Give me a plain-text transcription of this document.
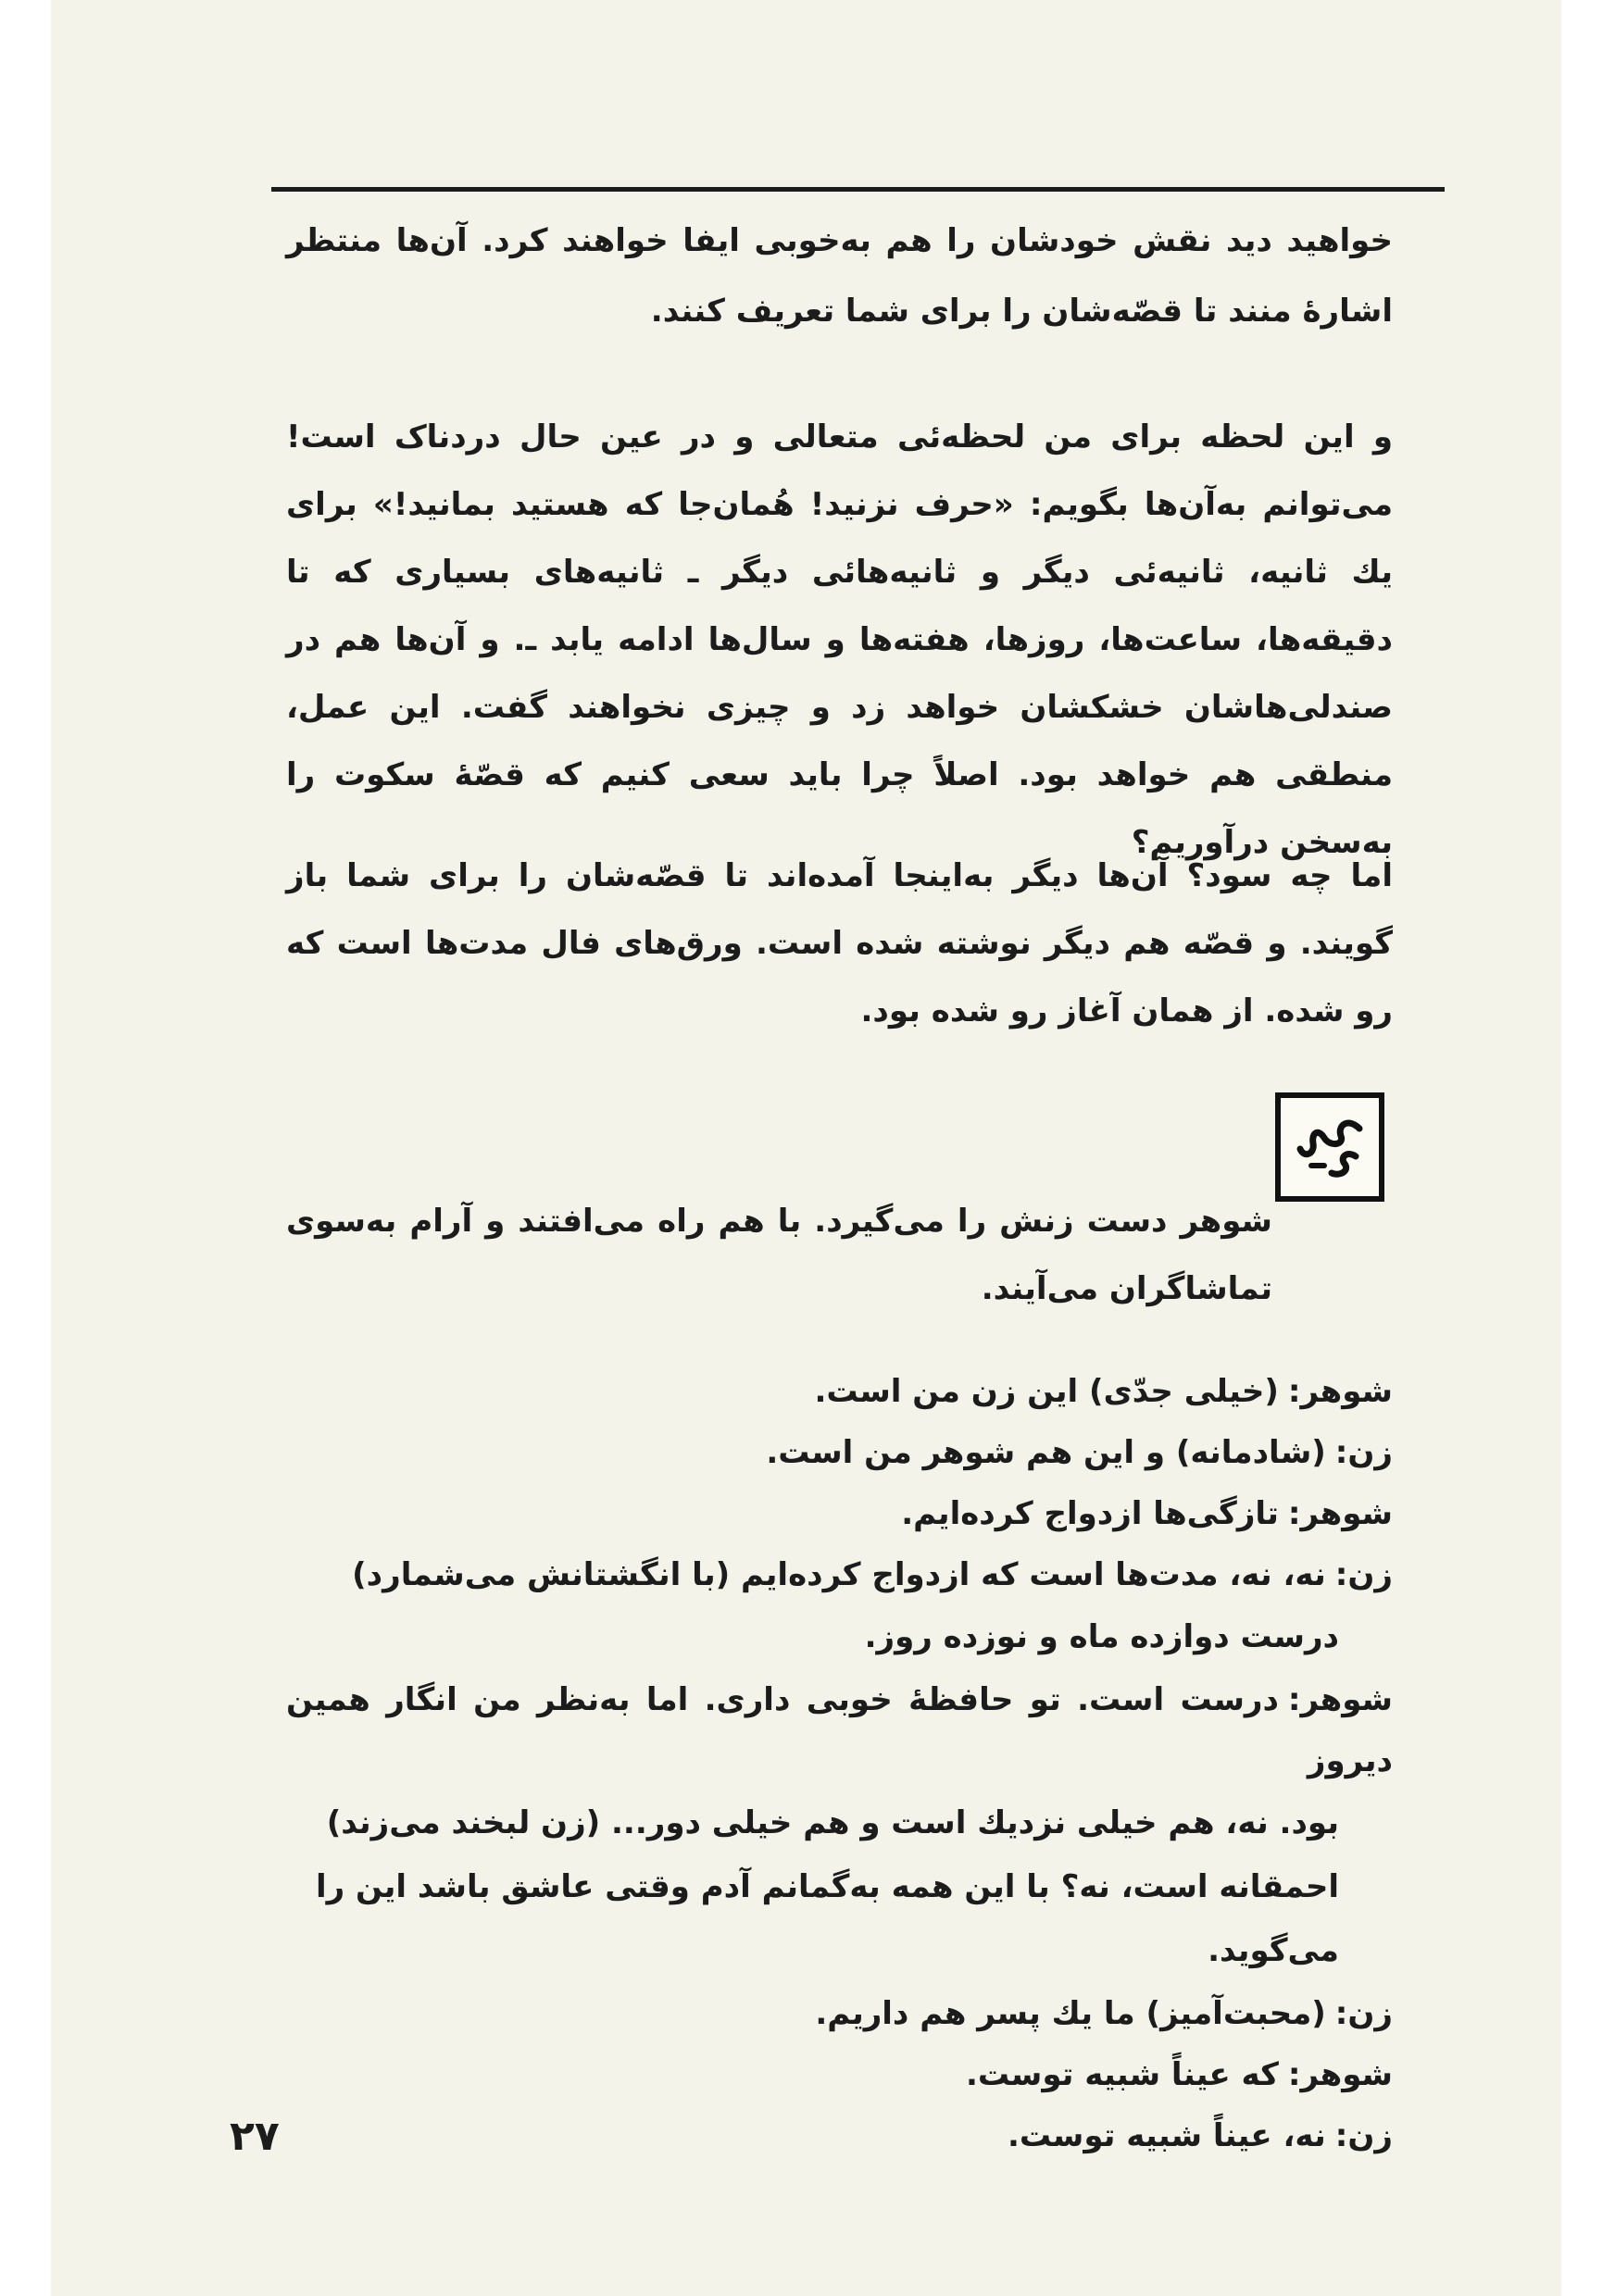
خواهید دید نقش خودشان را هم به‌خوبی ایفا خواهند کرد. آن‌ها منتظر اشارهٔ منند تا قصّه‌شان را برای شما تعریف کنند.

و این لحظه برای من لحظه‌ئی متعالی و در عین حال دردناک است! می‌توانم به‌آن‌ها بگویم: «حرف نزنید! هُمان‌جا که هستید بمانید!» برای یك ثانیه، ثانیه‌ئی دیگر و ثانیه‌هائی دیگر ـ ثانیه‌های بسیاری که تا دقیقه‌ها، ساعت‌ها، روزها، هفته‌ها و سال‌ها ادامه یابد ـ. و آن‌ها هم در صندلی‌هاشان خشکشان خواهد زد و چیزی نخواهند گفت. این عمل، منطقی هم خواهد بود. اصلاً چرا باید سعی کنیم که قصّهٔ سکوت را به‌سخن درآوریم؟

اما چه سود؟ آن‌ها دیگر به‌اینجا آمده‌اند تا قصّه‌شان را برای شما باز گویند. و قصّه هم دیگر نوشته شده است. ورق‌های فال مدت‌ها است که رو شده. از همان آغاز رو شده بود.

شوهر دست زنش را می‌گیرد. با هم راه می‌افتند و آرام به‌سوی تماشاگران می‌آیند.

شوهر:(خیلی جدّی) این زن من است.

زن:(شادمانه) و این هم شوهر من است.

شوهر:تازگی‌ها ازدواج کرده‌ایم.

زن:نه، نه، مدت‌ها است که ازدواج کرده‌ایم (با انگشتانش می‌شمارد)

درست دوازده ماه و نوزده روز.

شوهر:درست است. تو حافظهٔ خوبی داری. اما به‌نظر من انگار همین دیروز

بود. نه، هم خیلی نزدیك است و هم خیلی دور... (زن لبخند می‌زند)

احمقانه است، نه؟ با این همه به‌گمانم آدم وقتی عاشق باشد این را

می‌گوید.

زن:(محبت‌آمیز) ما یك پسر هم داریم.

شوهر:که عیناً شبیه توست.

زن:نه، عیناً شبیه توست.

۲۷
